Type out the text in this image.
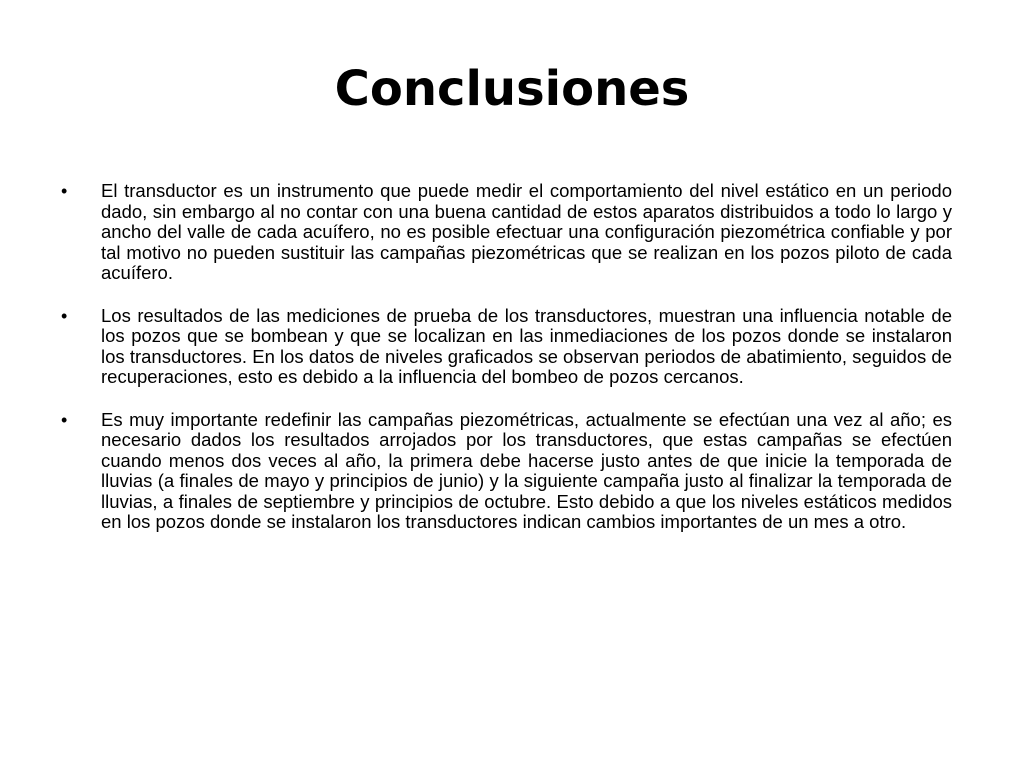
Conclusiones
• El transductor es un instrumento que puede medir el comportamiento del nivel estático en un periodo dado, sin embargo al no contar con una buena cantidad de estos aparatos distribuidos a todo lo largo y ancho del valle de cada acuífero, no es posible efectuar una configuración piezométrica confiable y por tal motivo no pueden sustituir las campañas piezométricas que se realizan en los pozos piloto de cada acuífero.
• Los resultados de las mediciones de prueba de los transductores, muestran una influencia notable de los pozos que se bombean y que se localizan en las inmediaciones de los pozos donde se instalaron los transductores. En los datos de niveles graficados se observan periodos de abatimiento, seguidos de recuperaciones, esto es debido a la influencia del bombeo de pozos cercanos.
• Es muy importante redefinir las campañas piezométricas, actualmente se efectúan una vez al año; es necesario dados los resultados arrojados por los transductores, que estas campañas se efectúen cuando menos dos veces al año, la primera debe hacerse justo antes de que inicie la temporada de lluvias (a finales de mayo y principios de junio) y la siguiente campaña justo al finalizar la temporada de lluvias, a finales de septiembre y principios de octubre. Esto debido a que los niveles estáticos medidos en los pozos donde se instalaron los transductores indican cambios importantes de un mes a otro.
